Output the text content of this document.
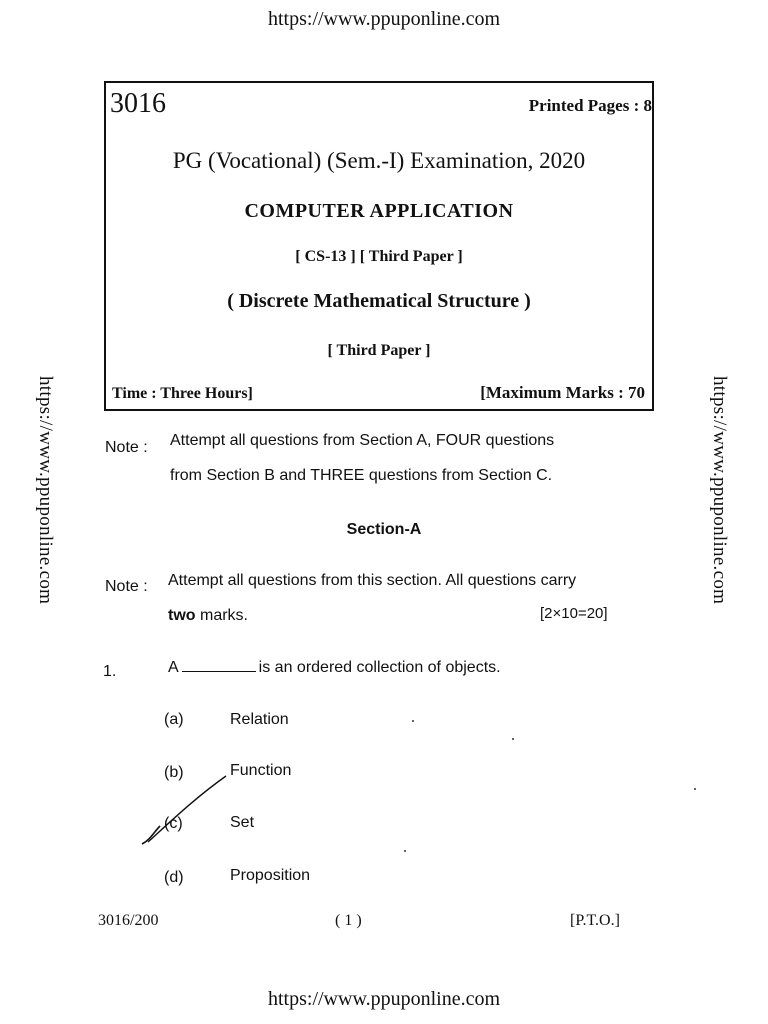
https://www.ppuponline.com
https://www.ppuponline.com	https://www.ppuponline.com
https://www.ppuponline.com
3016	Printed Pages : 8
PG (Vocational) (Sem.-I) Examination, 2020
COMPUTER APPLICATION
[ CS-13 ] [ Third Paper ]
( Discrete Mathematical Structure )
[ Third Paper ]
Time : Three Hours]	[Maximum Marks : 70
Note : Attempt all questions from Section A, FOUR questions
from Section B and THREE questions from Section C.
Section-A
Note : Attempt all questions from this section. All questions carry
two marks.	[2×10=20]
1.	A	is an ordered collection of objects.
(a)	Relation
(b)	Function
(c)	Set
(d)	Proposition
3016/200	( 1 )	[P.T.O.]
